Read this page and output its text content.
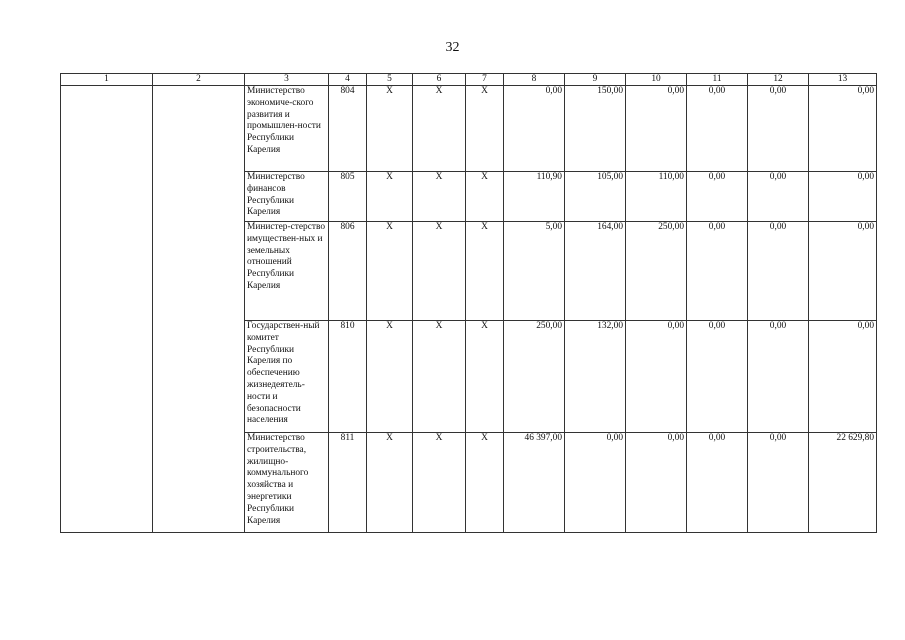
32
1	2	3	4	5	6	7	8	9	10	11	12	13
		Министерство экономиче-ского развития и промышлен-ности Республики Карелия	804	X	X	X	0,00	150,00	0,00	0,00	0,00	0,00
		Министерство финансов Республики Карелия	805	X	X	X	110,90	105,00	110,00	0,00	0,00	0,00
		Министер-стерство имуществен-ных и земельных отношений Республики Карелия	806	X	X	X	5,00	164,00	250,00	0,00	0,00	0,00
		Государствен-ный комитет Республики Карелия по обеспечению жизнедеятель-ности и безопасности населения	810	X	X	X	250,00	132,00	0,00	0,00	0,00	0,00
		Министерство строительства, жилищно-коммунального хозяйства и энергетики Республики Карелия	811	X	X	X	46 397,00	0,00	0,00	0,00	0,00	22 629,80
